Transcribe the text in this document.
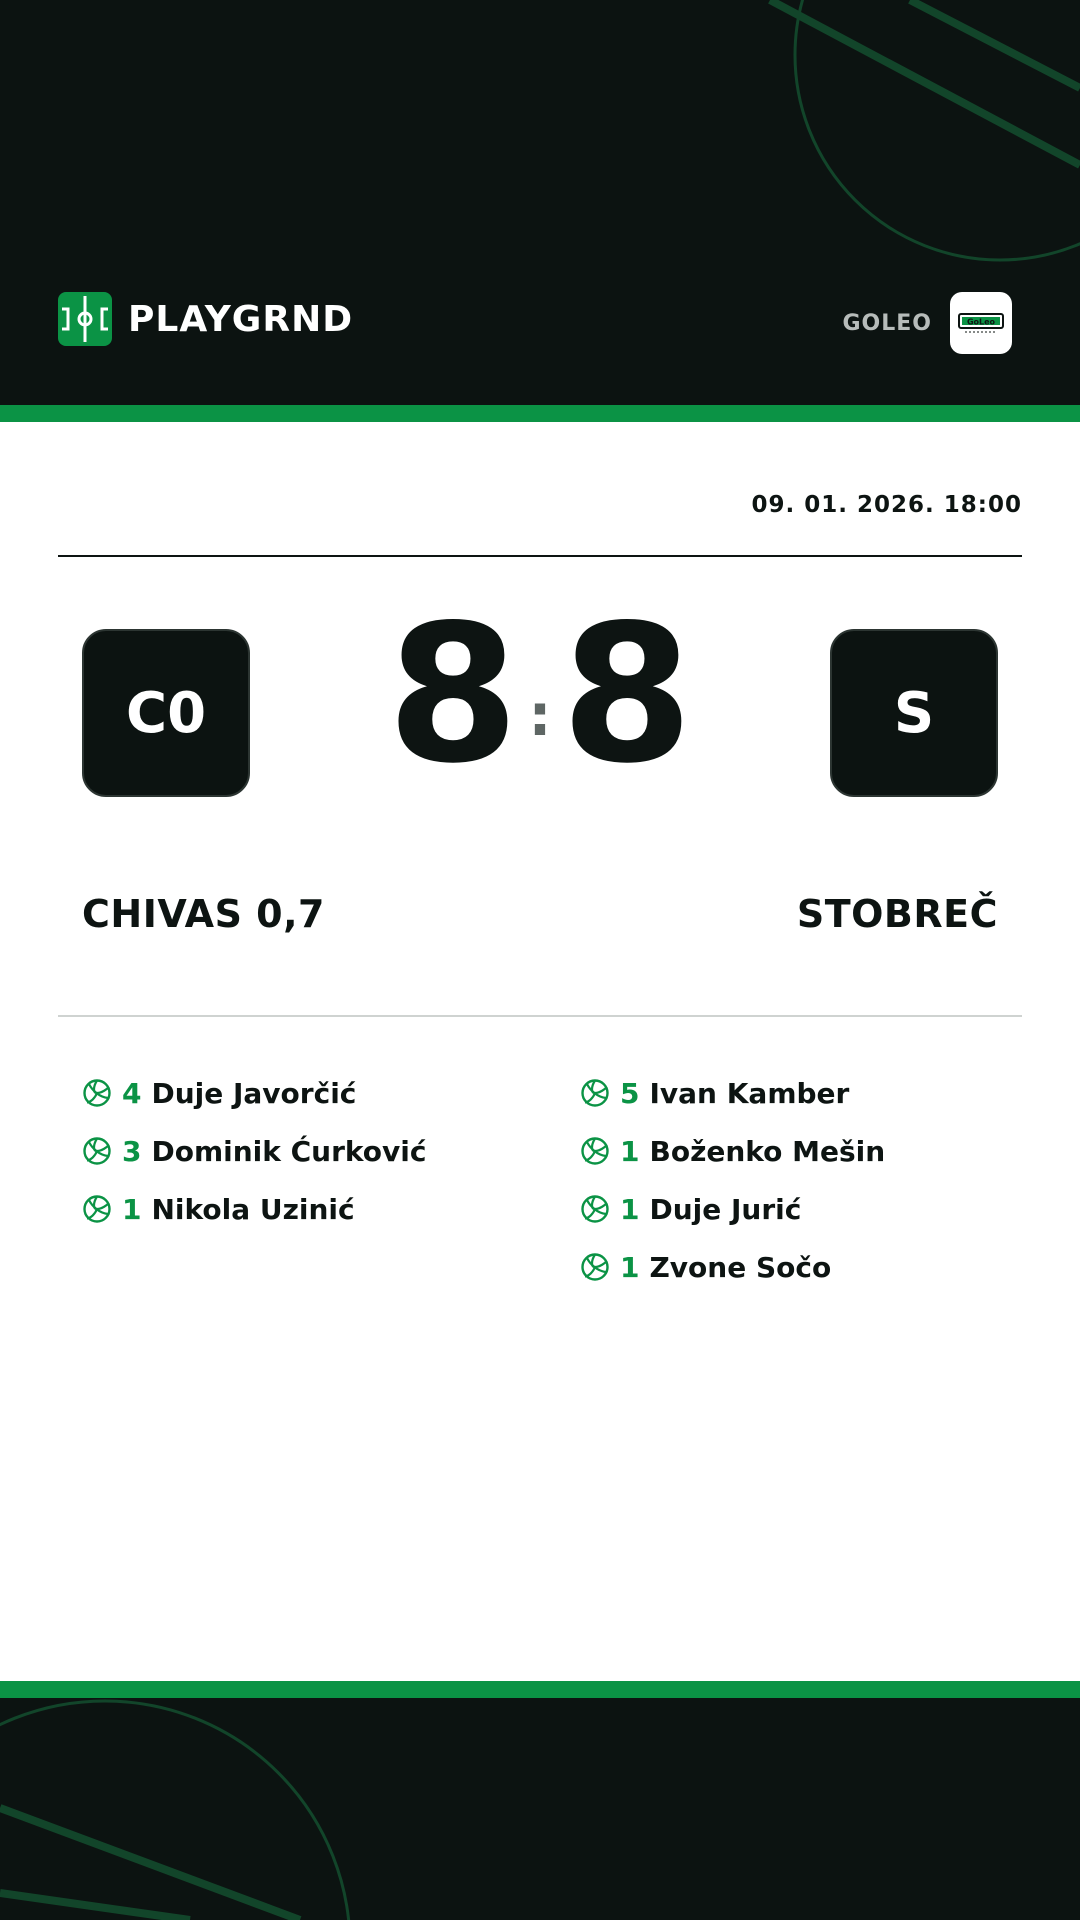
PLAYGRND	GOLEO	GoLeo
09. 01. 2026. 18:00
C0 8 : 8	S
CHIVAS 0,7	STOBREČ
4 Duje Javorčić
3 Dominik Ćurković
1 Nikola Uzinić
5 Ivan Kamber
1 Boženko Mešin
1 Duje Jurić
1 Zvone Sočo
